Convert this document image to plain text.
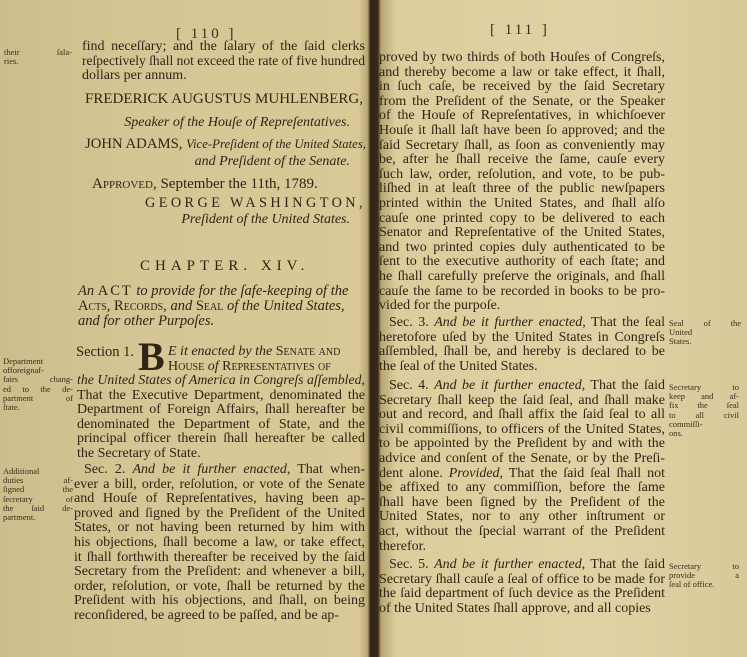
[ 110 ]
their ſala-
ries.
find neceſſary; and the ſalary of the ſaid clerks
reſpectively ſhall not exceed the rate of five hundred
dollars per annum.
FREDERICK AUGUSTUS MUHLENBERG,
Speaker of the Houſe of Repreſentatives.
JOHN ADAMS, Vice-Preſident of the United States,
and Preſident of the Senate.
Approved, September the 11th, 1789.
GEORGE WASHINGTON,
Preſident of the United States.
CHAPTER. XIV.
An ACT to provide for the ſafe-keeping of the
Acts, Records, and Seal of the United States,
and for other Purpoſes.
Department
offoreignaf-
fairs chang-
ed to the de-
partment of
ſtate.
Section 1. B E it enacted by the Senate and
House of Representatives of
the United States of America in Congreſs aſſembled,
That the Executive Department, denominated the
Department of Foreign Affairs, ſhall hereafter be
denominated the Department of State, and the
principal officer therein ſhall hereafter be called
the Secretary of State.
Additional
duties af-
ſigned the
ſecretary of
the ſaid de-
partment.
Sec. 2. And be it further enacted, That when-
ever a bill, order, reſolution, or vote of the Senate
and Houſe of Repreſentatives, having been ap-
proved and ſigned by the Preſident of the United
States, or not having been returned by him with
his objections, ſhall become a law, or take effect,
it ſhall forthwith thereafter be received by the ſaid
Secretary from the Preſident: and whenever a bill,
order, reſolution, or vote, ſhall be returned by the
Preſident with his objections, and ſhall, on being
reconſidered, be agreed to be paſſed, and be ap-
[ 111 ]
proved by two thirds of both Houſes of Congreſs,
and thereby become a law or take effect, it ſhall,
in ſuch caſe, be received by the ſaid Secretary
from the Preſident of the Senate, or the Speaker
of the Houſe of Repreſentatives, in whichſoever
Houſe it ſhall laſt have been ſo approved; and the
ſaid Secretary ſhall, as ſoon as conveniently may
be, after he ſhall receive the ſame, cauſe every
ſuch law, order, reſolution, and vote, to be pub-
liſhed in at leaſt three of the public newſpapers
printed within the United States, and ſhall alſo
cauſe one printed copy to be delivered to each
Senator and Repreſentative of the United States,
and two printed copies duly authenticated to be
ſent to the executive authority of each ſtate; and
he ſhall carefully preſerve the originals, and ſhall
cauſe the ſame to be recorded in books to be pro-
vided for the purpoſe.
Sec. 3. And be it further enacted, That the ſeal
heretofore uſed by the United States in Congreſs
aſſembled, ſhall be, and hereby is declared to be
the ſeal of the United States.
Seal of the
United
States.
Sec. 4. And be it further enacted, That the ſaid
Secretary ſhall keep the ſaid ſeal, and ſhall make
out and record, and ſhall affix the ſaid ſeal to all
civil commiſſions, to officers of the United States,
to be appointed by the Preſident by and with the
advice and conſent of the Senate, or by the Preſi-
dent alone. Provided, That the ſaid ſeal ſhall not
be affixed to any commiſſion, before the ſame
ſhall have been ſigned by the Preſident of the
United States, nor to any other inſtrument or
act, without the ſpecial warrant of the Preſident
therefor.
Secretary to
keep and af-
fix the ſeal
to all civil
commiſſi-
ons.
Sec. 5. And be it further enacted, That the ſaid
Secretary ſhall cauſe a ſeal of office to be made for
the ſaid department of ſuch device as the Preſident
of the United States ſhall approve, and all copies
Secretary to
provide a
ſeal of office.
